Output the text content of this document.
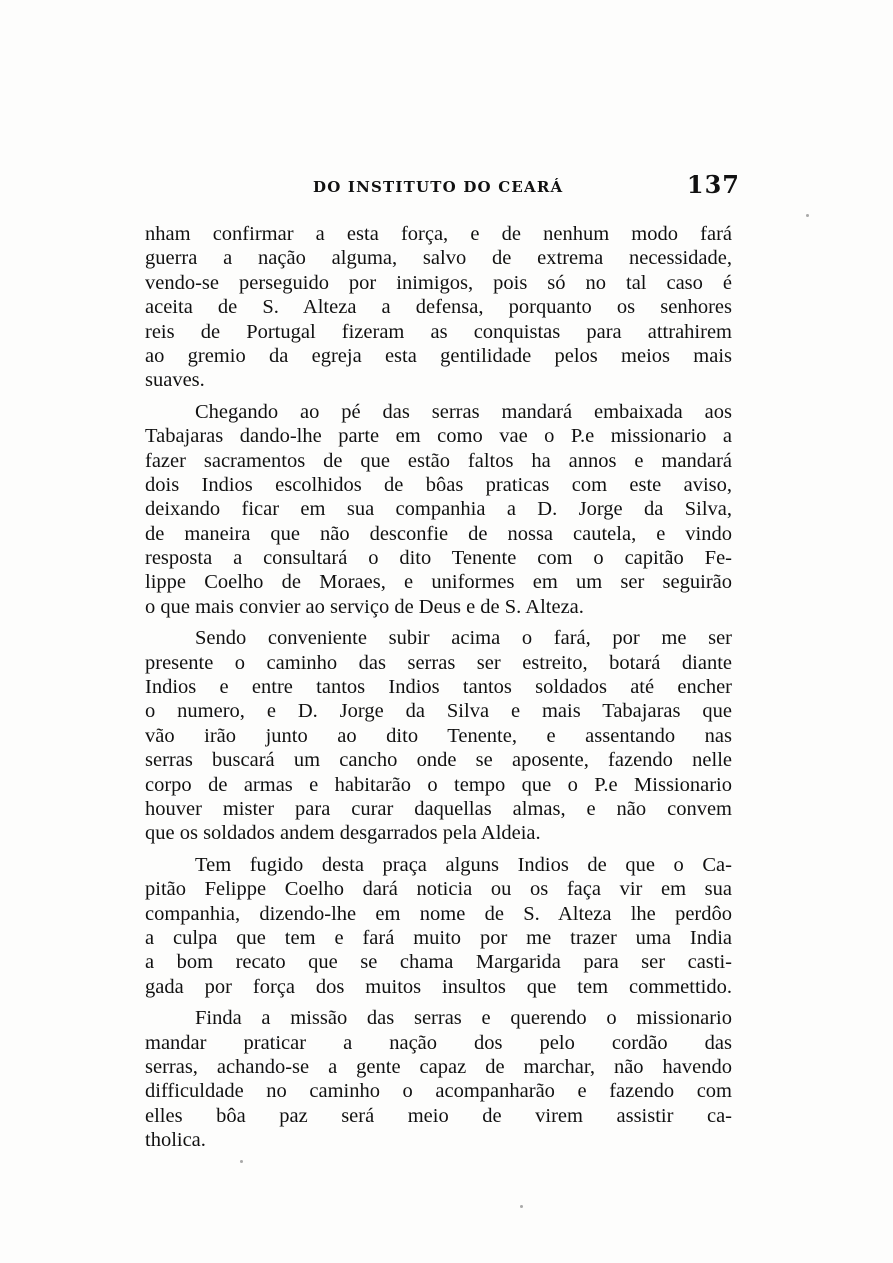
DO INSTITUTO DO CEARÁ	137

nham confirmar a esta força, e de nenhum modo fará
guerra a nação alguma, salvo de extrema necessidade,
vendo-se perseguido por inimigos, pois só no tal caso é
aceita de S. Alteza a defensa, porquanto os senhores
reis de Portugal fizeram as conquistas para attrahirem
ao gremio da egreja esta gentilidade pelos meios mais
suaves.

Chegando ao pé das serras mandará embaixada aos
Tabajaras dando-lhe parte em como vae o P.e missionario a
fazer sacramentos de que estão faltos ha annos e mandará
dois Indios escolhidos de bôas praticas com este aviso,
deixando ficar em sua companhia a D. Jorge da Silva,
de maneira que não desconfie de nossa cautela, e vindo
resposta a consultará o dito Tenente com o capitão Fe-
lippe Coelho de Moraes, e uniformes em um ser seguirão
o que mais convier ao serviço de Deus e de S. Alteza.

Sendo conveniente subir acima o fará, por me ser
presente o caminho das serras ser estreito, botará diante
Indios e entre tantos Indios tantos soldados até encher
o numero, e D. Jorge da Silva e mais Tabajaras que
vão irão junto ao dito Tenente, e assentando nas
serras buscará um cancho onde se aposente, fazendo nelle
corpo de armas e habitarão o tempo que o P.e Missionario
houver mister para curar daquellas almas, e não convem
que os soldados andem desgarrados pela Aldeia.

Tem fugido desta praça alguns Indios de que o Ca-
pitão Felippe Coelho dará noticia ou os faça vir em sua
companhia, dizendo-lhe em nome de S. Alteza lhe perdôo
a culpa que tem e fará muito por me trazer uma India
a bom recato que se chama Margarida para ser casti-
gada por força dos muitos insultos que tem commettido.

Finda a missão das serras e querendo o missionario
mandar praticar a nação dos pelo cordão das
serras, achando-se a gente capaz de marchar, não havendo
difficuldade no caminho o acompanharão e fazendo com
elles bôa paz será meio de virem assistir ca-
tholica.
